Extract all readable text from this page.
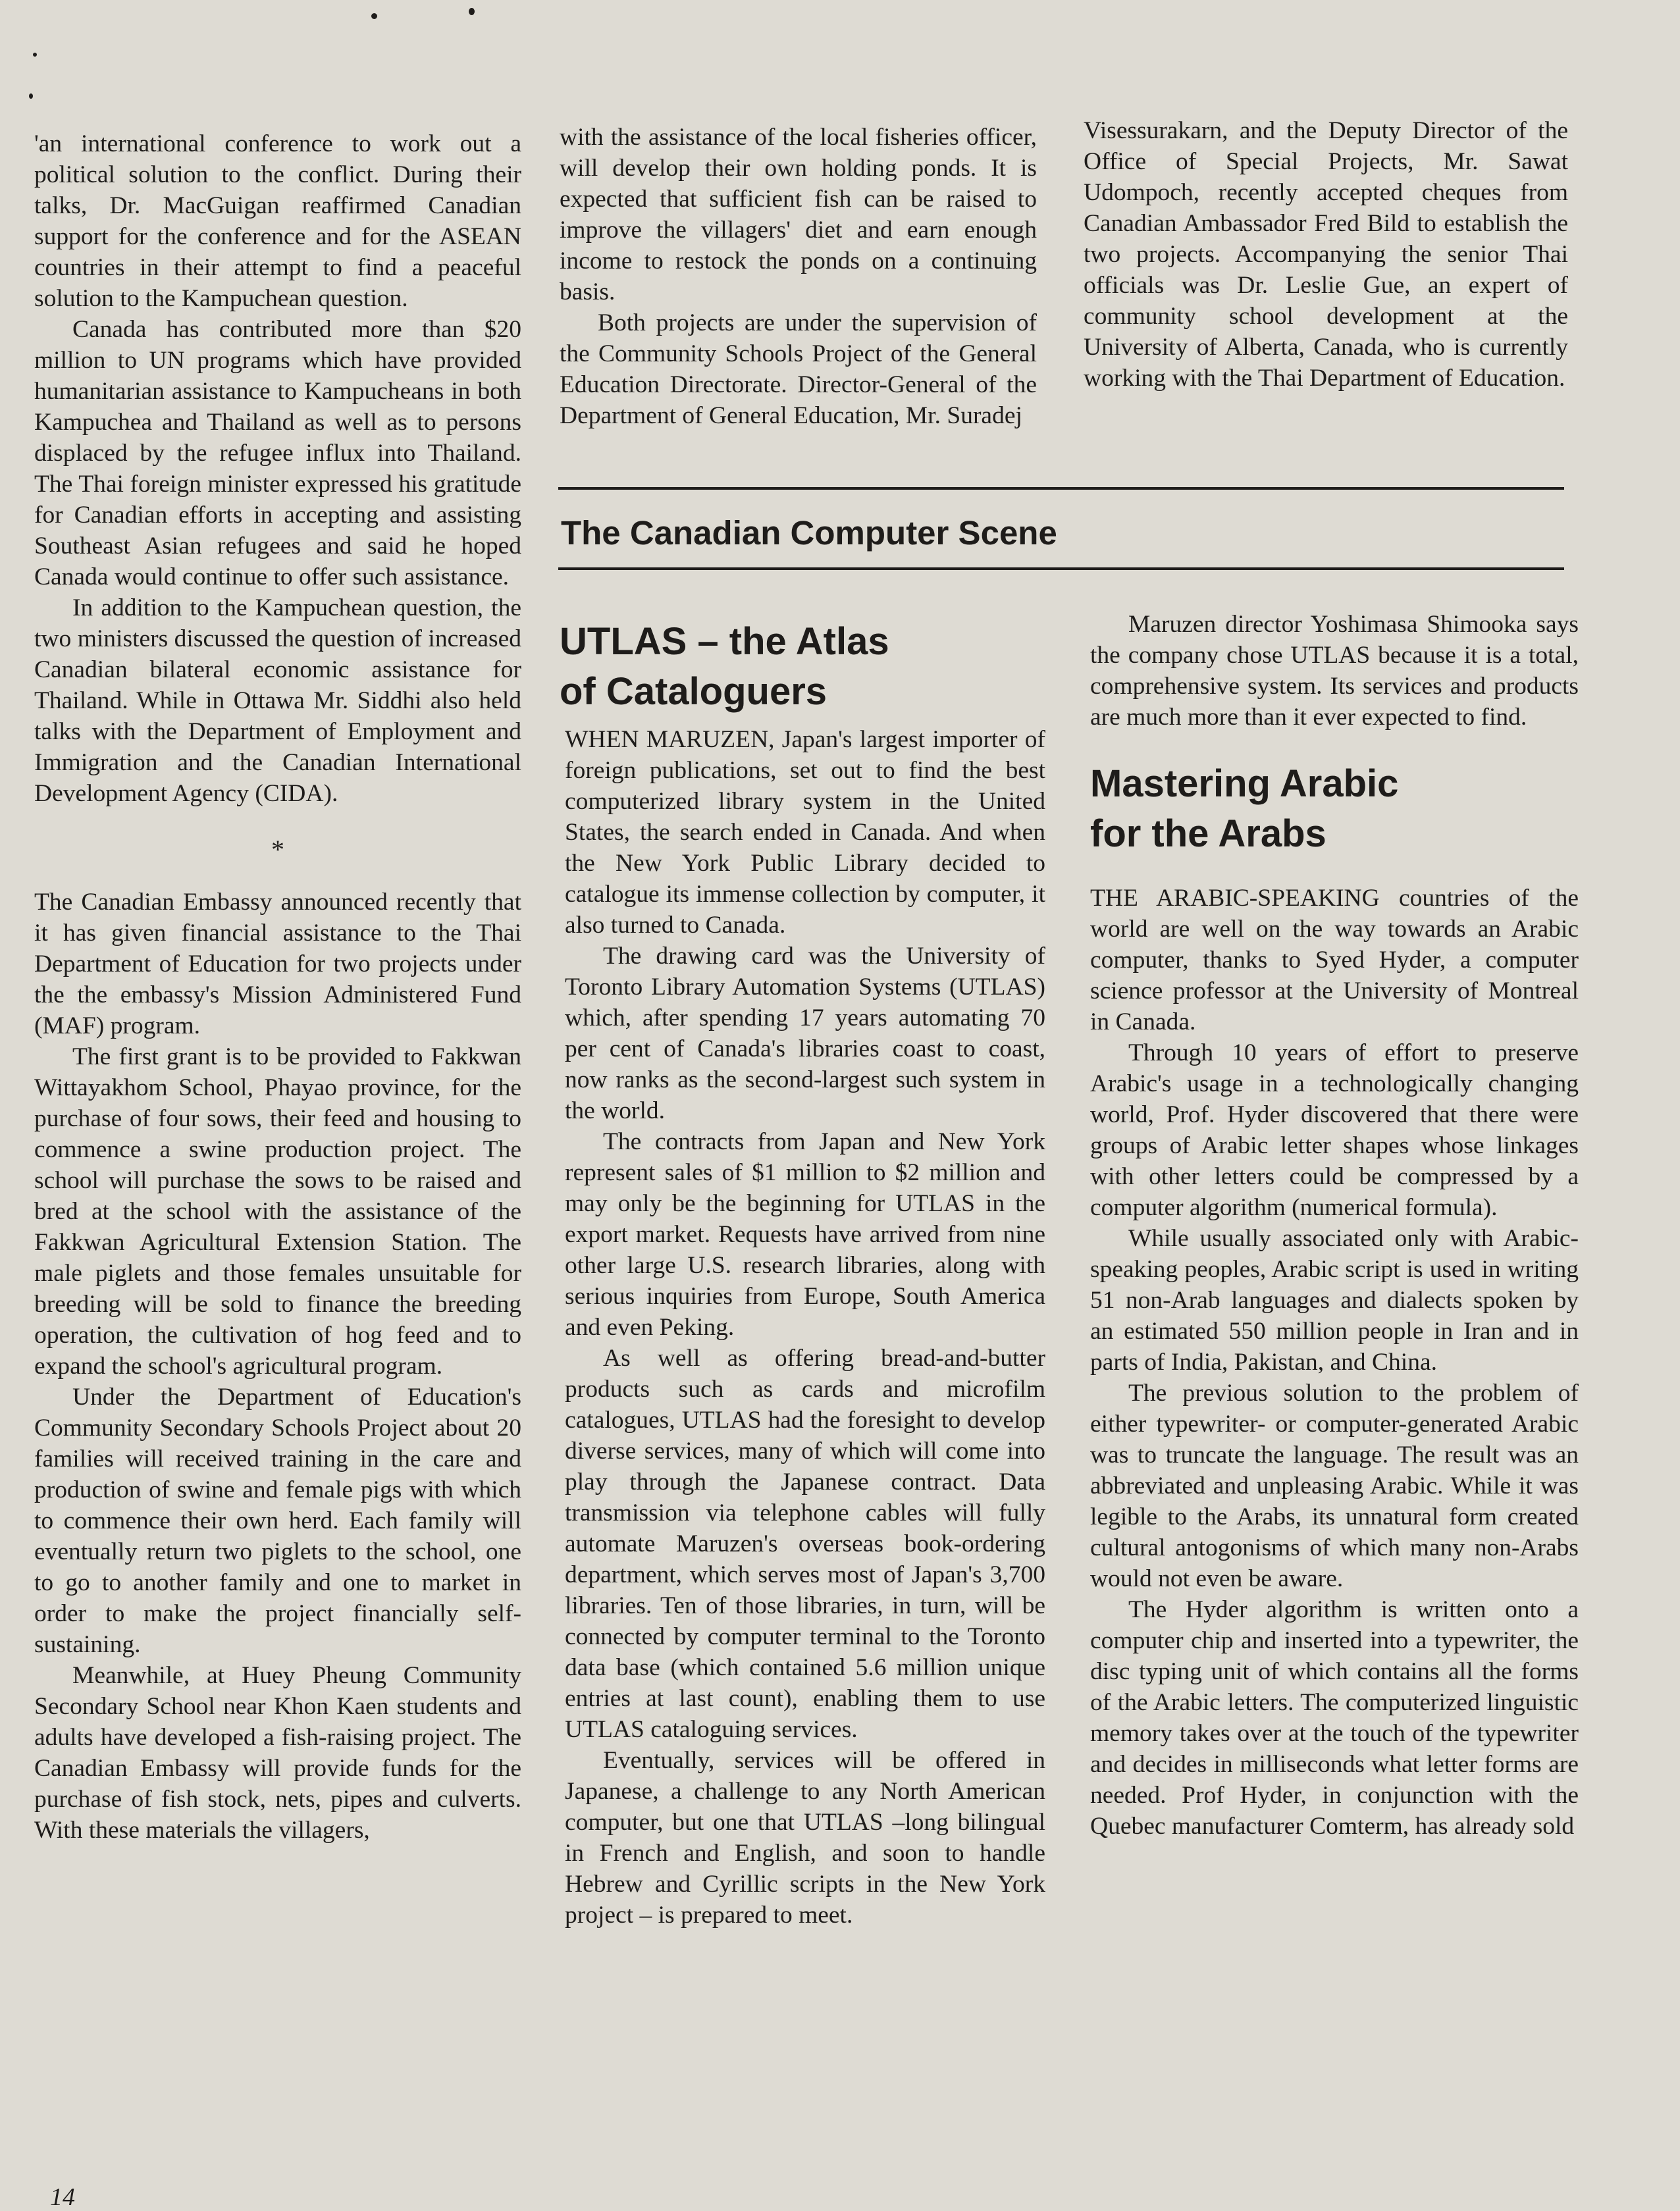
'an international conference to work out a political solution to the conflict. During their talks, Dr. MacGuigan reaffirmed Canadian support for the conference and for the ASEAN countries in their attempt to find a peaceful solution to the Kampuchean question.

Canada has contributed more than $20 million to UN programs which have provided humanitarian assistance to Kampucheans in both Kampuchea and Thailand as well as to persons displaced by the refugee influx into Thailand. The Thai foreign minister expressed his gratitude for Canadian efforts in accepting and assisting Southeast Asian refugees and said he hoped Canada would continue to offer such assistance.

In addition to the Kampuchean question, the two ministers discussed the question of increased Canadian bilateral economic assistance for Thailand. While in Ottawa Mr. Siddhi also held talks with the Department of Employment and Immigration and the Canadian International Development Agency (CIDA).

*

The Canadian Embassy announced recently that it has given financial assistance to the Thai Department of Education for two projects under the the embassy's Mission Administered Fund (MAF) program.

The first grant is to be provided to Fakkwan Wittayakhom School, Phayao province, for the purchase of four sows, their feed and housing to commence a swine production project. The school will purchase the sows to be raised and bred at the school with the assistance of the Fakkwan Agricultural Extension Station. The male piglets and those females unsuitable for breeding will be sold to finance the breeding operation, the cultivation of hog feed and to expand the school's agricultural program.

Under the Department of Education's Community Secondary Schools Project about 20 families will received training in the care and production of swine and female pigs with which to commence their own herd. Each family will eventually return two piglets to the school, one to go to another family and one to market in order to make the project financially self-sustaining.

Meanwhile, at Huey Pheung Community Secondary School near Khon Kaen students and adults have developed a fish-raising project. The Canadian Embassy will provide funds for the purchase of fish stock, nets, pipes and culverts. With these materials the villagers,

with the assistance of the local fisheries officer, will develop their own holding ponds. It is expected that sufficient fish can be raised to improve the villagers' diet and earn enough income to restock the ponds on a continuing basis.

Both projects are under the supervision of the Community Schools Project of the General Education Directorate. Director-General of the Department of General Education, Mr. Suradej

Visessurakarn, and the Deputy Director of the Office of Special Projects, Mr. Sawat Udompoch, recently accepted cheques from Canadian Ambassador Fred Bild to establish the two projects. Accompanying the senior Thai officials was Dr. Leslie Gue, an expert of community school development at the University of Alberta, Canada, who is currently working with the Thai Department of Education.

The Canadian Computer Scene
UTLAS – the Atlas
of Cataloguers

WHEN MARUZEN, Japan's largest importer of foreign publications, set out to find the best computerized library system in the United States, the search ended in Canada. And when the New York Public Library decided to catalogue its immense collection by computer, it also turned to Canada.

The drawing card was the University of Toronto Library Automation Systems (UTLAS) which, after spending 17 years automating 70 per cent of Canada's libraries coast to coast, now ranks as the second-largest such system in the world.

The contracts from Japan and New York represent sales of $1 million to $2 million and may only be the beginning for UTLAS in the export market. Requests have arrived from nine other large U.S. research libraries, along with serious inquiries from Europe, South America and even Peking.

As well as offering bread-and-butter products such as cards and microfilm catalogues, UTLAS had the foresight to develop diverse services, many of which will come into play through the Japanese contract. Data transmission via telephone cables will fully automate Maruzen's overseas book-ordering department, which serves most of Japan's 3,700 libraries. Ten of those libraries, in turn, will be connected by computer terminal to the Toronto data base (which contained 5.6 million unique entries at last count), enabling them to use UTLAS cataloguing services.

Eventually, services will be offered in Japanese, a challenge to any North American computer, but one that UTLAS –long bilingual in French and English, and soon to handle Hebrew and Cyrillic scripts in the New York project – is prepared to meet.

Maruzen director Yoshimasa Shimooka says the company chose UTLAS because it is a total, comprehensive system. Its services and products are much more than it ever expected to find.

Mastering Arabic
for the Arabs

THE ARABIC-SPEAKING countries of the world are well on the way towards an Arabic computer, thanks to Syed Hyder, a computer science professor at the University of Montreal in Canada.

Through 10 years of effort to preserve Arabic's usage in a technologically changing world, Prof. Hyder discovered that there were groups of Arabic letter shapes whose linkages with other letters could be compressed by a computer algorithm (numerical formula).

While usually associated only with Arabic-speaking peoples, Arabic script is used in writing 51 non-Arab languages and dialects spoken by an estimated 550 million people in Iran and in parts of India, Pakistan, and China.

The previous solution to the problem of either typewriter- or computer-generated Arabic was to truncate the language. The result was an abbreviated and unpleasing Arabic. While it was legible to the Arabs, its unnatural form created cultural antogonisms of which many non-Arabs would not even be aware.

The Hyder algorithm is written onto a computer chip and inserted into a typewriter, the disc typing unit of which contains all the forms of the Arabic letters. The computerized linguistic memory takes over at the touch of the typewriter and decides in milliseconds what letter forms are needed. Prof Hyder, in conjunction with the Quebec manufacturer Comterm, has already sold

14
